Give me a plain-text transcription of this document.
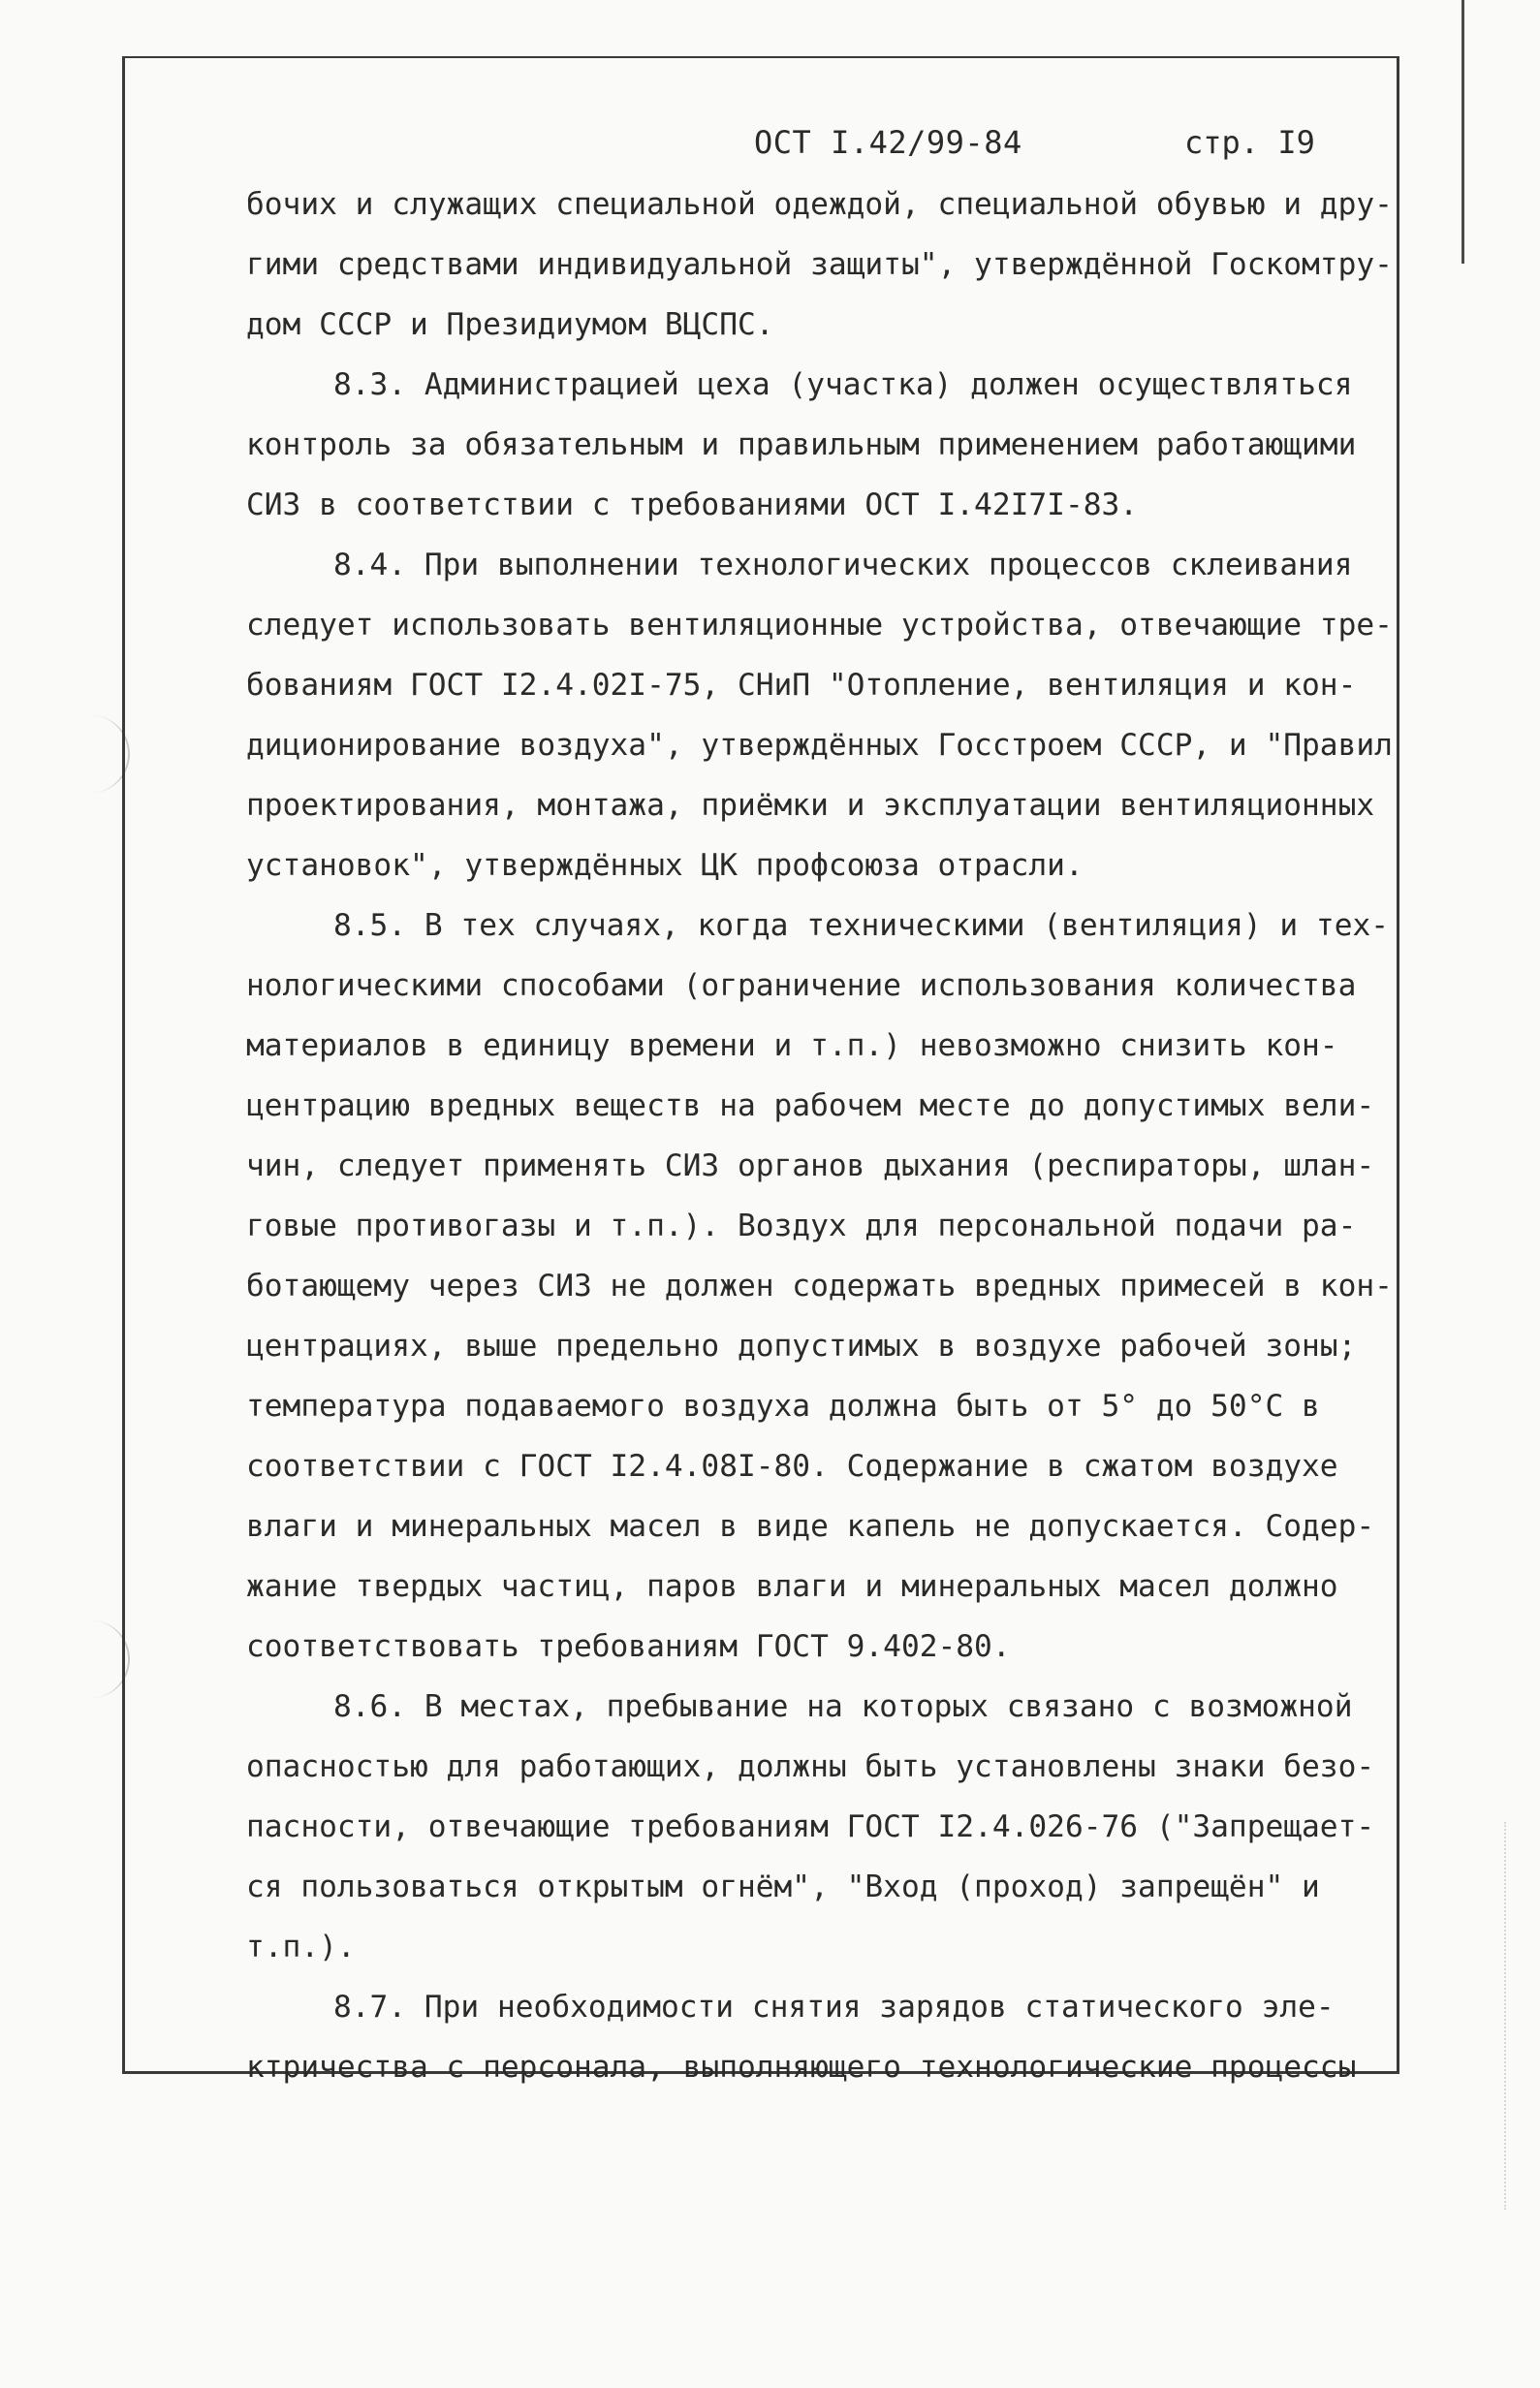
ОСТ I.42/99-84	стр. I9
бочих и служащих специальной одеждой, специальной обувью и дру-
гими средствами индивидуальной защиты", утверждённой Госкомтру-
дом СССР и Президиумом ВЦСПС.
8.3. Администрацией цеха (участка) должен осуществляться
контроль за обязательным и правильным применением работающими
СИЗ в соответствии с требованиями ОСТ I.42I7I-83.
8.4. При выполнении технологических процессов склеивания
следует использовать вентиляционные устройства, отвечающие тре-
бованиям ГОСТ I2.4.02I-75, СНиП "Отопление, вентиляция и кон-
диционирование воздуха", утверждённых Госстроем СССР, и "Правил
проектирования, монтажа, приёмки и эксплуатации вентиляционных
установок", утверждённых ЦК профсоюза отрасли.
8.5. В тех случаях, когда техническими (вентиляция) и тех-
нологическими способами (ограничение использования количества
материалов в единицу времени и т.п.) невозможно снизить кон-
центрацию вредных веществ на рабочем месте до допустимых вели-
чин, следует применять СИЗ органов дыхания (респираторы, шлан-
говые противогазы и т.п.). Воздух для персональной подачи ра-
ботающему через СИЗ не должен содержать вредных примесей в кон-
центрациях, выше предельно допустимых в воздухе рабочей зоны;
температура подаваемого воздуха должна быть от 5° до 50°С в
соответствии с ГОСТ I2.4.08I-80. Содержание в сжатом воздухе
влаги и минеральных масел в виде капель не допускается. Содер-
жание твердых частиц, паров влаги и минеральных масел должно
соответствовать требованиям ГОСТ 9.402-80.
8.6. В местах, пребывание на которых связано с возможной
опасностью для работающих, должны быть установлены знаки безо-
пасности, отвечающие требованиям ГОСТ I2.4.026-76 ("Запрещает-
ся пользоваться открытым огнём", "Вход (проход) запрещён" и
т.п.).
8.7. При необходимости снятия зарядов статического эле-
ктричества с персонала, выполняющего технологические процессы
